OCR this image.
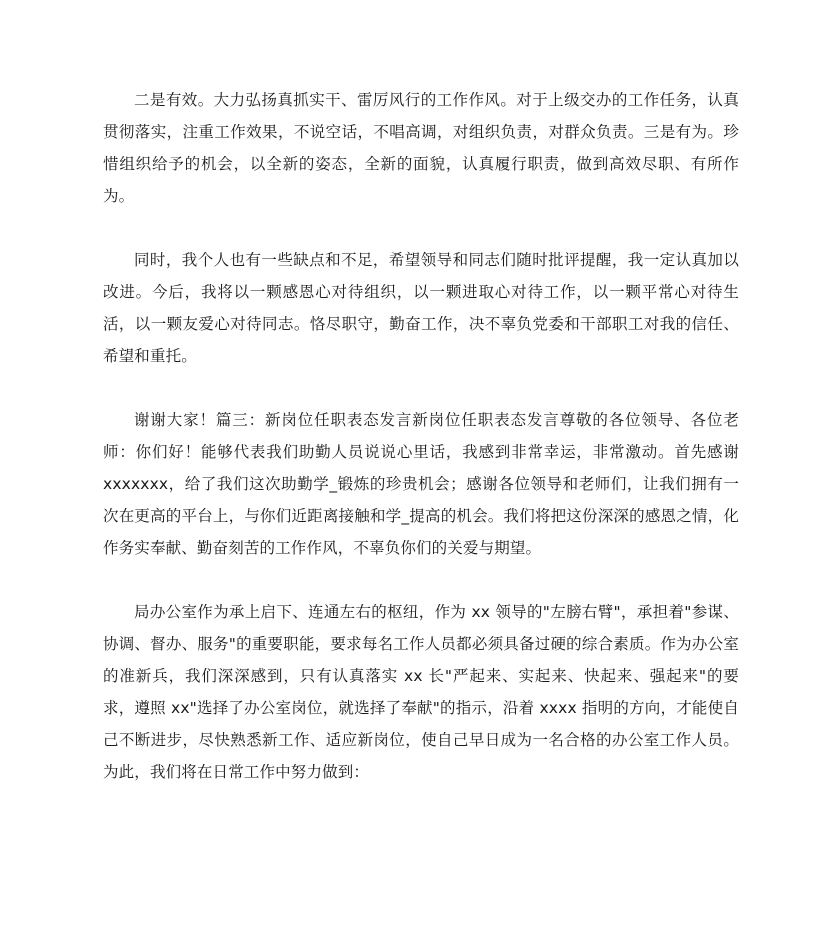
二是有效。大力弘扬真抓实干、雷厉风行的工作作风。对于上级交办的工作任务，认真贯彻落实，注重工作效果，不说空话，不唱高调，对组织负责，对群众负责。三是有为。珍惜组织给予的机会，以全新的姿态，全新的面貌，认真履行职责，做到高效尽职、有所作为。

同时，我个人也有一些缺点和不足，希望领导和同志们随时批评提醒，我一定认真加以改进。今后，我将以一颗感恩心对待组织，以一颗进取心对待工作，以一颗平常心对待生活，以一颗友爱心对待同志。恪尽职守，勤奋工作，决不辜负党委和干部职工对我的信任、希望和重托。

谢谢大家！篇三：新岗位任职表态发言新岗位任职表态发言尊敬的各位领导、各位老师：你们好！能够代表我们助勤人员说说心里话，我感到非常幸运，非常激动。首先感谢 xxxxxxx，给了我们这次助勤学_锻炼的珍贵机会；感谢各位领导和老师们，让我们拥有一次在更高的平台上，与你们近距离接触和学_提高的机会。我们将把这份深深的感恩之情，化作务实奉献、勤奋刻苦的工作作风，不辜负你们的关爱与期望。

局办公室作为承上启下、连通左右的枢纽，作为 xx 领导的"左膀右臂"，承担着"参谋、协调、督办、服务"的重要职能，要求每名工作人员都必须具备过硬的综合素质。作为办公室的准新兵，我们深深感到，只有认真落实 xx 长"严起来、实起来、快起来、强起来"的要求，遵照 xx"选择了办公室岗位，就选择了奉献"的指示，沿着 xxxx 指明的方向，才能使自己不断进步，尽快熟悉新工作、适应新岗位，使自己早日成为一名合格的办公室工作人员。为此，我们将在日常工作中努力做到：
